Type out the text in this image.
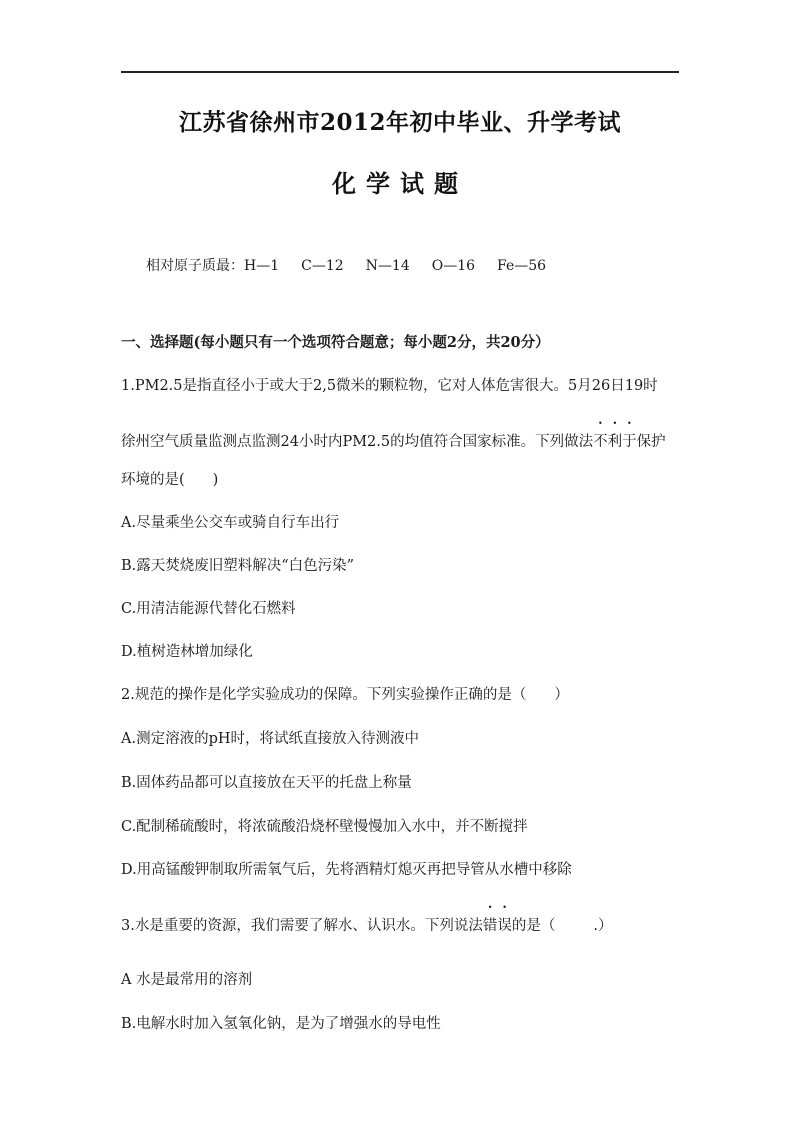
江苏省徐州市2012年初中毕业、升学考试
化学试题
相对原子质最：H—1 C—12 N—14 O—16 Fe—56
一、选择题(每小题只有一个选项符合题意；每小题2分，共20分）
1.PM2.5是指直径小于或大于2,5微米的颗粒物，它对人体危害很大。5月26日19时
徐州空气质量监测点监测24小时内PM2.5的均值符合国家标准。下列做法不利于保护
环境的是( )
A.尽量乘坐公交车或骑自行车出行
B.露天焚烧废旧塑料解决“白色污染”
C.用清洁能源代替化石燃料
D.植树造林增加绿化
2.规范的操作是化学实验成功的保障。下列实验操作正确的是（ ）
A.测定溶液的pH时，将试纸直接放入待测液中
B.固体药品都可以直接放在天平的托盘上称量
C.配制稀硫酸时，将浓硫酸沿烧杯壁慢慢加入水中，并不断搅拌
D.用高锰酸钾制取所需氧气后，先将酒精灯熄灭再把导管从水槽中移除
3.水是重要的资源，我们需要了解水、认识水。下列说法错误的是（	.）
A 水是最常用的溶剂
B.电解水时加入氢氧化钠，是为了增强水的导电性
